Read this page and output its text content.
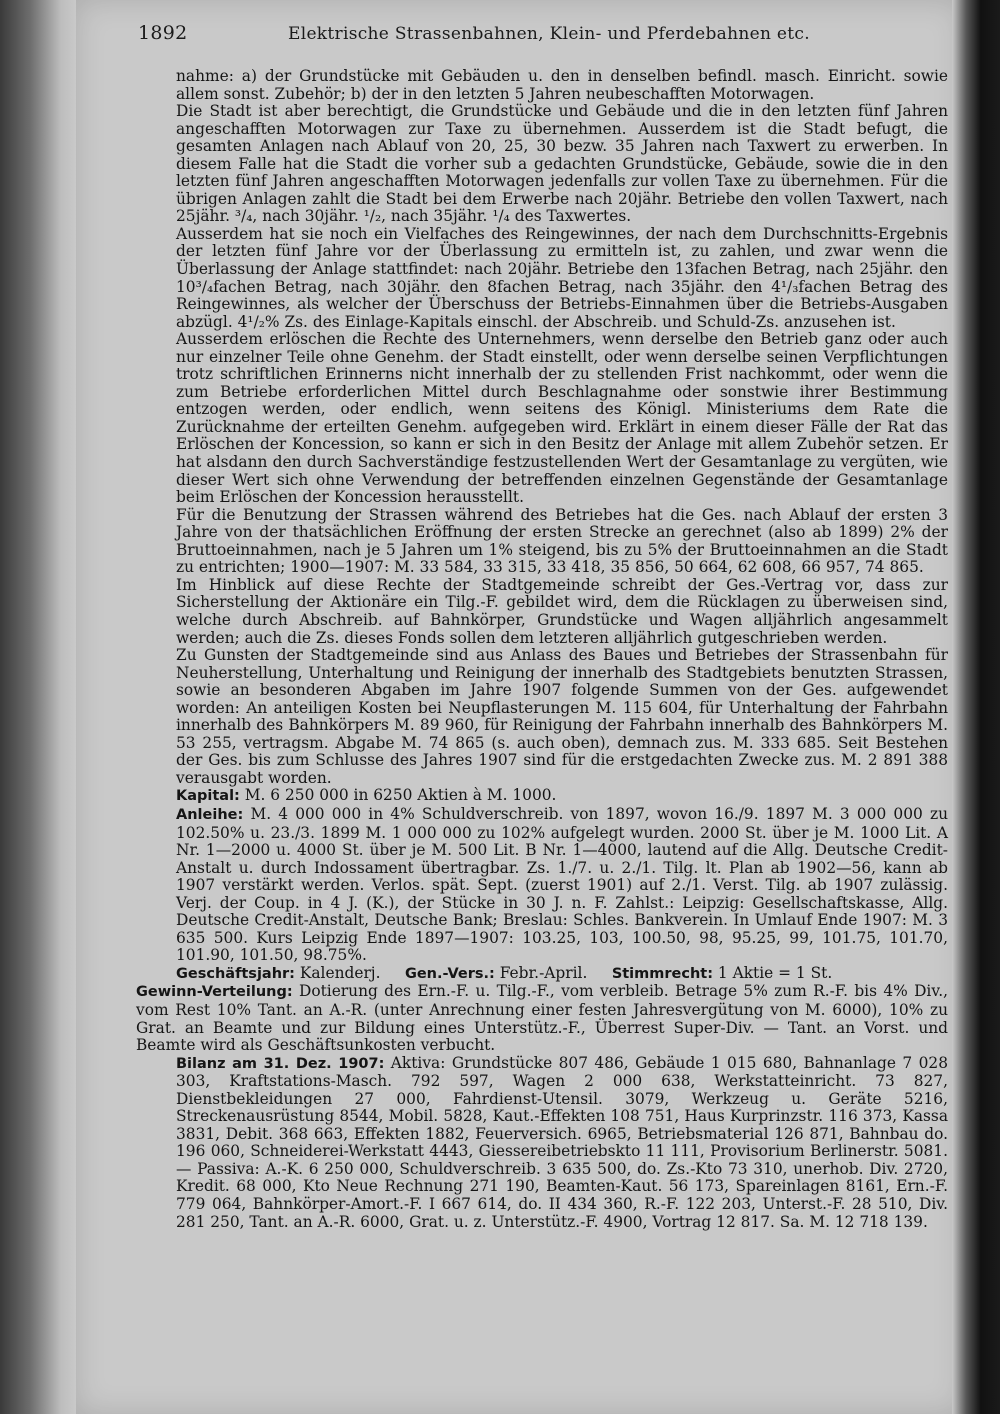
1892	Elektrische Strassenbahnen, Klein- und Pferdebahnen etc.

nahme: a) der Grundstücke mit Gebäuden u. den in denselben befindl. masch. Einricht. sowie allem sonst. Zubehör; b) der in den letzten 5 Jahren neubeschafften Motorwagen.

Die Stadt ist aber berechtigt, die Grundstücke und Gebäude und die in den letzten fünf Jahren angeschafften Motorwagen zur Taxe zu übernehmen. Ausserdem ist die Stadt befugt, die gesamten Anlagen nach Ablauf von 20, 25, 30 bezw. 35 Jahren nach Taxwert zu erwerben. In diesem Falle hat die Stadt die vorher sub a gedachten Grundstücke, Gebäude, sowie die in den letzten fünf Jahren angeschafften Motorwagen jedenfalls zur vollen Taxe zu übernehmen. Für die übrigen Anlagen zahlt die Stadt bei dem Erwerbe nach 20jähr. Betriebe den vollen Taxwert, nach 25jähr. ³/₄, nach 30jähr. ¹/₂, nach 35jähr. ¹/₄ des Taxwertes.

Ausserdem hat sie noch ein Vielfaches des Reingewinnes, der nach dem Durchschnitts-Ergebnis der letzten fünf Jahre vor der Überlassung zu ermitteln ist, zu zahlen, und zwar wenn die Überlassung der Anlage stattfindet: nach 20jähr. Betriebe den 13fachen Betrag, nach 25jähr. den 10³/₄fachen Betrag, nach 30jähr. den 8fachen Betrag, nach 35jähr. den 4¹/₃fachen Betrag des Reingewinnes, als welcher der Überschuss der Betriebs-Einnahmen über die Betriebs-Ausgaben abzügl. 4¹/₂% Zs. des Einlage-Kapitals einschl. der Abschreib. und Schuld-Zs. anzusehen ist.

Ausserdem erlöschen die Rechte des Unternehmers, wenn derselbe den Betrieb ganz oder auch nur einzelner Teile ohne Genehm. der Stadt einstellt, oder wenn derselbe seinen Verpflichtungen trotz schriftlichen Erinnerns nicht innerhalb der zu stellenden Frist nachkommt, oder wenn die zum Betriebe erforderlichen Mittel durch Beschlagnahme oder sonstwie ihrer Bestimmung entzogen werden, oder endlich, wenn seitens des Königl. Ministeriums dem Rate die Zurücknahme der erteilten Genehm. aufgegeben wird. Erklärt in einem dieser Fälle der Rat das Erlöschen der Koncession, so kann er sich in den Besitz der Anlage mit allem Zubehör setzen. Er hat alsdann den durch Sachverständige festzustellenden Wert der Gesamtanlage zu vergüten, wie dieser Wert sich ohne Verwendung der betreffenden einzelnen Gegenstände der Gesamtanlage beim Erlöschen der Koncession herausstellt.

Für die Benutzung der Strassen während des Betriebes hat die Ges. nach Ablauf der ersten 3 Jahre von der thatsächlichen Eröffnung der ersten Strecke an gerechnet (also ab 1899) 2% der Bruttoeinnahmen, nach je 5 Jahren um 1% steigend, bis zu 5% der Bruttoeinnahmen an die Stadt zu entrichten; 1900—1907: M. 33 584, 33 315, 33 418, 35 856, 50 664, 62 608, 66 957, 74 865.

Im Hinblick auf diese Rechte der Stadtgemeinde schreibt der Ges.-Vertrag vor, dass zur Sicherstellung der Aktionäre ein Tilg.-F. gebildet wird, dem die Rücklagen zu überweisen sind, welche durch Abschreib. auf Bahnkörper, Grundstücke und Wagen alljährlich angesammelt werden; auch die Zs. dieses Fonds sollen dem letzteren alljährlich gutgeschrieben werden.

Zu Gunsten der Stadtgemeinde sind aus Anlass des Baues und Betriebes der Strassenbahn für Neuherstellung, Unterhaltung und Reinigung der innerhalb des Stadtgebiets benutzten Strassen, sowie an besonderen Abgaben im Jahre 1907 folgende Summen von der Ges. aufgewendet worden: An anteiligen Kosten bei Neupflasterungen M. 115 604, für Unterhaltung der Fahrbahn innerhalb des Bahnkörpers M. 89 960, für Reinigung der Fahrbahn innerhalb des Bahnkörpers M. 53 255, vertragsm. Abgabe M. 74 865 (s. auch oben), demnach zus. M. 333 685. Seit Bestehen der Ges. bis zum Schlusse des Jahres 1907 sind für die erstgedachten Zwecke zus. M. 2 891 388 verausgabt worden.

Kapital: M. 6 250 000 in 6250 Aktien à M. 1000.

Anleihe: M. 4 000 000 in 4% Schuldverschreib. von 1897, wovon 16./9. 1897 M. 3 000 000 zu 102.50% u. 23./3. 1899 M. 1 000 000 zu 102% aufgelegt wurden. 2000 St. über je M. 1000 Lit. A Nr. 1—2000 u. 4000 St. über je M. 500 Lit. B Nr. 1—4000, lautend auf die Allg. Deutsche Credit-Anstalt u. durch Indossament übertragbar. Zs. 1./7. u. 2./1. Tilg. lt. Plan ab 1902—56, kann ab 1907 verstärkt werden. Verlos. spät. Sept. (zuerst 1901) auf 2./1. Verst. Tilg. ab 1907 zulässig. Verj. der Coup. in 4 J. (K.), der Stücke in 30 J. n. F. Zahlst.: Leipzig: Gesellschaftskasse, Allg. Deutsche Credit-Anstalt, Deutsche Bank; Breslau: Schles. Bankverein. In Umlauf Ende 1907: M. 3 635 500. Kurs Leipzig Ende 1897—1907: 103.25, 103, 100.50, 98, 95.25, 99, 101.75, 101.70, 101.90, 101.50, 98.75%.

Geschäftsjahr: Kalenderj. Gen.-Vers.: Febr.-April. Stimmrecht: 1 Aktie = 1 St.

Gewinn-Verteilung: Dotierung des Ern.-F. u. Tilg.-F., vom verbleib. Betrage 5% zum R.-F. bis 4% Div., vom Rest 10% Tant. an A.-R. (unter Anrechnung einer festen Jahresvergütung von M. 6000), 10% zu Grat. an Beamte und zur Bildung eines Unterstütz.-F., Überrest Super-Div. — Tant. an Vorst. und Beamte wird als Geschäftsunkosten verbucht.

Bilanz am 31. Dez. 1907: Aktiva: Grundstücke 807 486, Gebäude 1 015 680, Bahnanlage 7 028 303, Kraftstations-Masch. 792 597, Wagen 2 000 638, Werkstatteinricht. 73 827, Dienstbekleidungen 27 000, Fahrdienst-Utensil. 3079, Werkzeug u. Geräte 5216, Streckenausrüstung 8544, Mobil. 5828, Kaut.-Effekten 108 751, Haus Kurprinzstr. 116 373, Kassa 3831, Debit. 368 663, Effekten 1882, Feuerversich. 6965, Betriebsmaterial 126 871, Bahnbau do. 196 060, Schneiderei-Werkstatt 4443, Giessereibetriebskto 11 111, Provisorium Berlinerstr. 5081. — Passiva: A.-K. 6 250 000, Schuldverschreib. 3 635 500, do. Zs.-Kto 73 310, unerhob. Div. 2720, Kredit. 68 000, Kto Neue Rechnung 271 190, Beamten-Kaut. 56 173, Spareinlagen 8161, Ern.-F. 779 064, Bahnkörper-Amort.-F. I 667 614, do. II 434 360, R.-F. 122 203, Unterst.-F. 28 510, Div. 281 250, Tant. an A.-R. 6000, Grat. u. z. Unterstütz.-F. 4900, Vortrag 12 817. Sa. M. 12 718 139.
